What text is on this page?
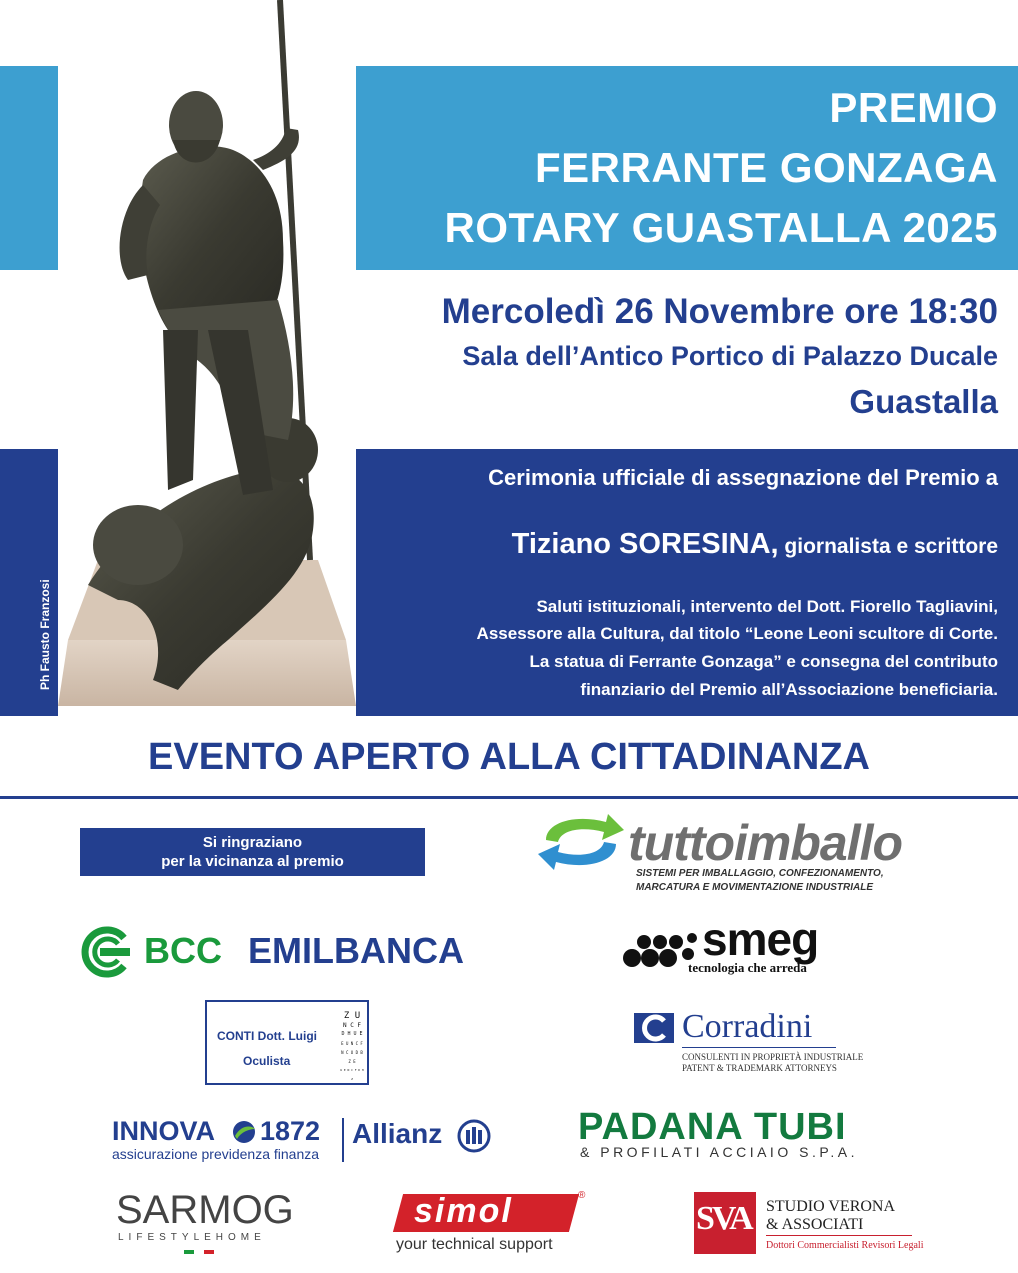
PREMIO
FERRANTE GONZAGA
ROTARY GUASTALLA 2025
Mercoledì 26 Novembre ore 18:30
Sala dell’Antico Portico di Palazzo Ducale
Guastalla
Cerimonia ufficiale di assegnazione del Premio a
Tiziano SORESINA, giornalista e scrittore
Saluti istituzionali, intervento del Dott. Fiorello Tagliavini,
Assessore alla Cultura, dal titolo “Leone Leoni scultore di Corte.
La statua di Ferrante Gonzaga” e consegna del contributo
finanziario del Premio all’Associazione beneficiaria.
Ph Fausto Franzosi
EVENTO APERTO ALLA CITTADINANZA
Si ringraziano
per la vicinanza al premio	tuttoimballo
SISTEMI PER IMBALLAGGIO, CONFEZIONAMENTO,
MARCATURA E MOVIMENTAZIONE INDUSTRIALE
BCC EMILBANCA	smeg
tecnologia che arreda
CONTI Dott. Luigi
Oculista
Z U
N C F
D H U E
E U N C F
N C U D B Z E
U E N C F D H Z
Corradini
CONSULENTI IN PROPRIETÀ INDUSTRIALE
PATENT & TRADEMARK ATTORNEYS
INNOVA 1872
assicurazione previdenza finanza
Allianz	PADANA TUBI
& PROFILATI ACCIAIO S.P.A.
SARMOG
LIFESTYLEHOME
simol	®
your technical support
SVA STUDIO VERONA
& ASSOCIATI
Dottori Commercialisti Revisori Legali
